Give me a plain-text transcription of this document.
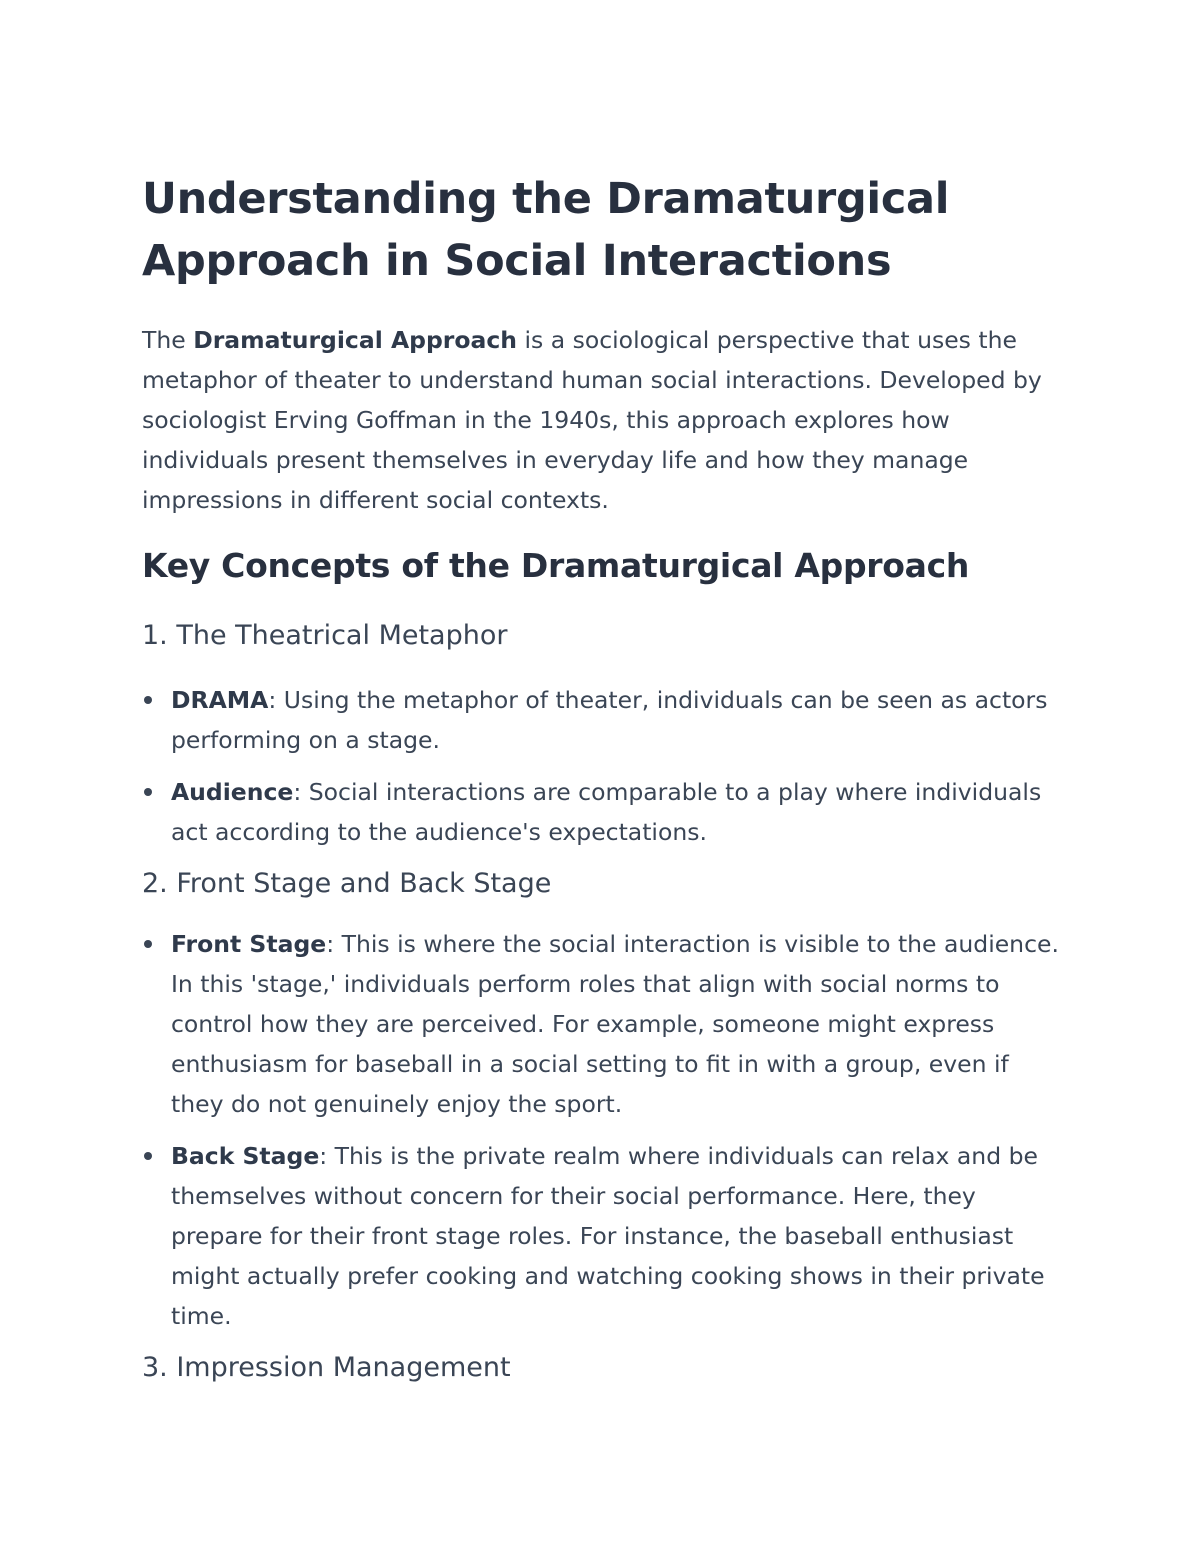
Understanding the Dramaturgical Approach in Social Interactions

The Dramaturgical Approach is a sociological perspective that uses the metaphor of theater to understand human social interactions. Developed by sociologist Erving Goffman in the 1940s, this approach explores how individuals present themselves in everyday life and how they manage impressions in different social contexts.

Key Concepts of the Dramaturgical Approach
1. The Theatrical Metaphor
DRAMA: Using the metaphor of theater, individuals can be seen as actors performing on a stage.
Audience: Social interactions are comparable to a play where individuals act according to the audience's expectations.
2. Front Stage and Back Stage
Front Stage: This is where the social interaction is visible to the audience. In this 'stage,' individuals perform roles that align with social norms to control how they are perceived. For example, someone might express enthusiasm for baseball in a social setting to fit in with a group, even if they do not genuinely enjoy the sport.
Back Stage: This is the private realm where individuals can relax and be themselves without concern for their social performance. Here, they prepare for their front stage roles. For instance, the baseball enthusiast might actually prefer cooking and watching cooking shows in their private time.
3. Impression Management
